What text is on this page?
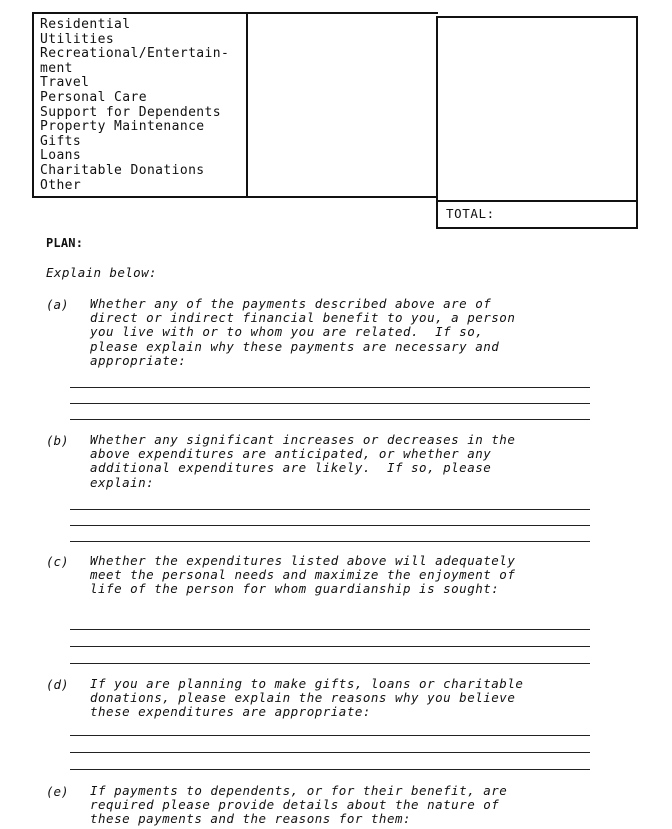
Residential
Utilities
Recreational/Entertain-
ment
Travel
Personal Care
Support for Dependents
Property Maintenance
Gifts
Loans
Charitable Donations
Other
TOTAL:
PLAN:
Explain below:
(a) Whether any of the payments described above are of
direct or indirect financial benefit to you, a person
you live with or to whom you are related.  If so,
please explain why these payments are necessary and
appropriate:
(b) Whether any significant increases or decreases in the
above expenditures are anticipated, or whether any
additional expenditures are likely.  If so, please
explain:
(c) Whether the expenditures listed above will adequately
meet the personal needs and maximize the enjoyment of
life of the person for whom guardianship is sought:
(d) If you are planning to make gifts, loans or charitable
donations, please explain the reasons why you believe
these expenditures are appropriate:
(e) If payments to dependents, or for their benefit, are
required please provide details about the nature of
these payments and the reasons for them:
